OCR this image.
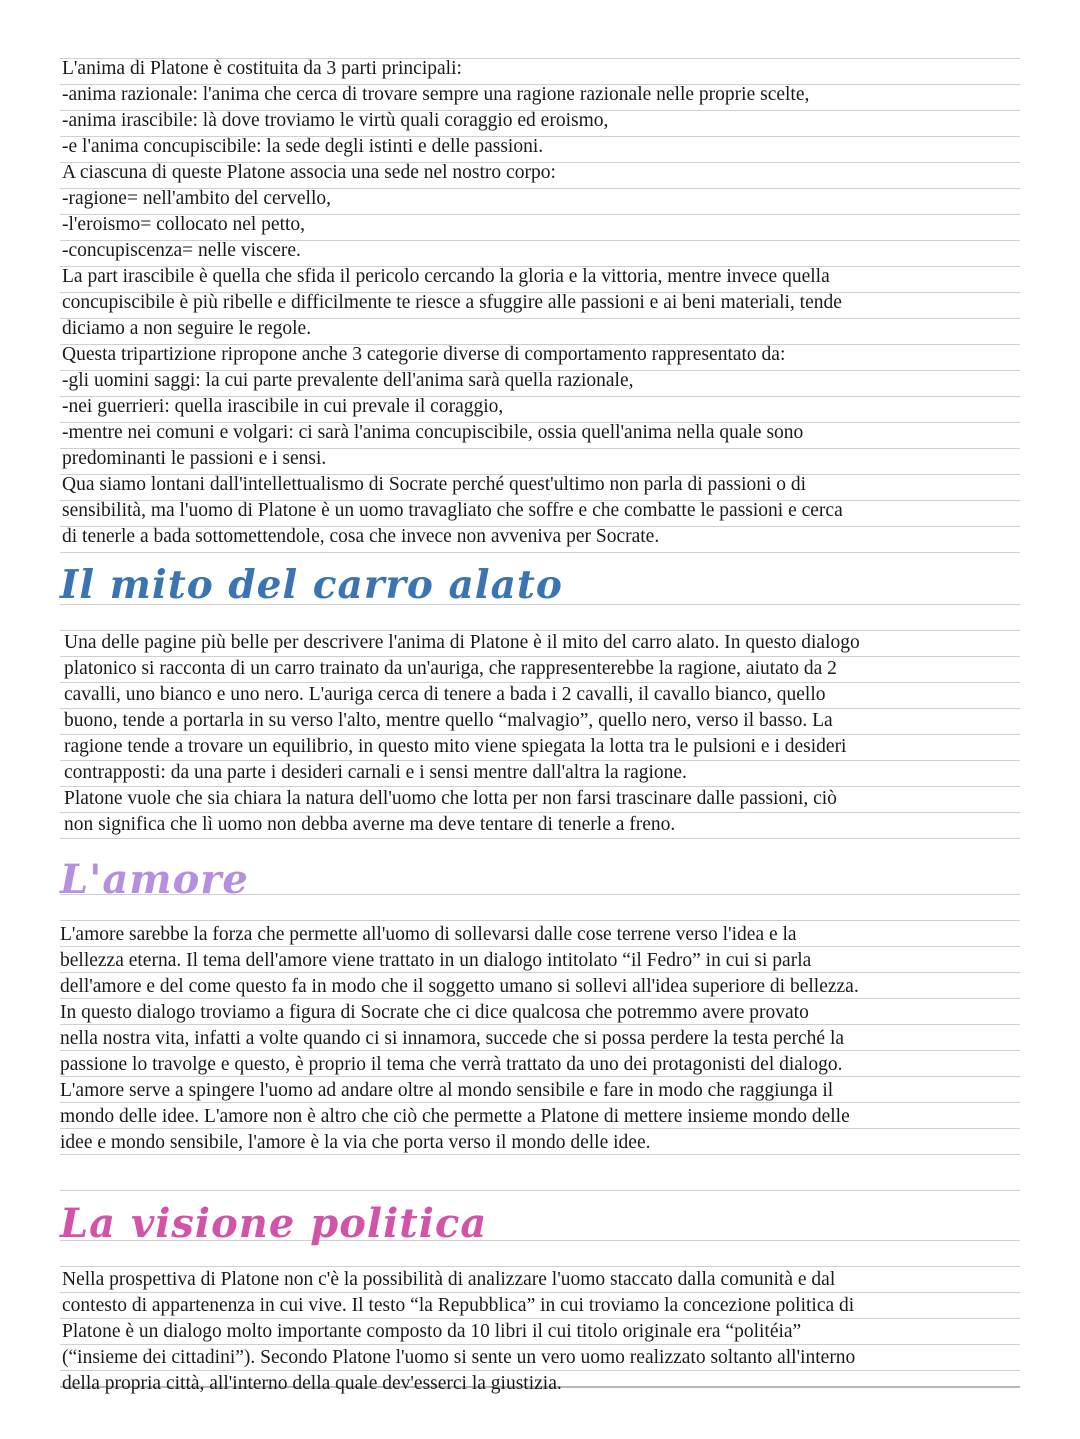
L'anima di Platone è costituita da 3 parti principali:
-anima razionale: l'anima che cerca di trovare sempre una ragione razionale nelle proprie scelte,
-anima irascibile: là dove troviamo le virtù quali coraggio ed eroismo,
-e l'anima concupiscibile: la sede degli istinti e delle passioni.
A ciascuna di queste Platone associa una sede nel nostro corpo:
-ragione= nell'ambito del cervello,
-l'eroismo= collocato nel petto,
-concupiscenza= nelle viscere.
La part irascibile è quella che sfida il pericolo cercando la gloria e la vittoria, mentre invece quella
concupiscibile è più ribelle e difficilmente te riesce a sfuggire alle passioni e ai beni materiali, tende
diciamo a non seguire le regole.
Questa tripartizione ripropone anche 3 categorie diverse di comportamento rappresentato da:
-gli uomini saggi: la cui parte prevalente dell'anima sarà quella razionale,
-nei guerrieri: quella irascibile in cui prevale il coraggio,
-mentre nei comuni e volgari: ci sarà l'anima concupiscibile, ossia quell'anima nella quale sono
predominanti le passioni e i sensi.
Qua siamo lontani dall'intellettualismo di Socrate perché quest'ultimo non parla di passioni o di
sensibilità, ma l'uomo di Platone è un uomo travagliato che soffre e che combatte le passioni e cerca
di tenerle a bada sottomettendole, cosa che invece non avveniva per Socrate.
Il mito del carro alato
Una delle pagine più belle per descrivere l'anima di Platone è il mito del carro alato. In questo dialogo
platonico si racconta di un carro trainato da un'auriga, che rappresenterebbe la ragione, aiutato da 2
cavalli, uno bianco e uno nero. L'auriga cerca di tenere a bada i 2 cavalli, il cavallo bianco, quello
buono, tende a portarla in su verso l'alto, mentre quello “malvagio”, quello nero, verso il basso. La
ragione tende a trovare un equilibrio, in questo mito viene spiegata la lotta tra le pulsioni e i desideri
contrapposti: da una parte i desideri carnali e i sensi mentre dall'altra la ragione.
Platone vuole che sia chiara la natura dell'uomo che lotta per non farsi trascinare dalle passioni, ciò
non significa che lì uomo non debba averne ma deve tentare di tenerle a freno.
L'amore
L'amore sarebbe la forza che permette all'uomo di sollevarsi dalle cose terrene verso l'idea e la
bellezza eterna. Il tema dell'amore viene trattato in un dialogo intitolato “il Fedro” in cui si parla
dell'amore e del come questo fa in modo che il soggetto umano si sollevi all'idea superiore di bellezza.
In questo dialogo troviamo a figura di Socrate che ci dice qualcosa che potremmo avere provato
nella nostra vita, infatti a volte quando ci si innamora, succede che si possa perdere la testa perché la
passione lo travolge e questo, è proprio il tema che verrà trattato da uno dei protagonisti del dialogo.
L'amore serve a spingere l'uomo ad andare oltre al mondo sensibile e fare in modo che raggiunga il
mondo delle idee. L'amore non è altro che ciò che permette a Platone di mettere insieme mondo delle
idee e mondo sensibile, l'amore è la via che porta verso il mondo delle idee.
La visione politica
Nella prospettiva di Platone non c'è la possibilità di analizzare l'uomo staccato dalla comunità e dal
contesto di appartenenza in cui vive. Il testo “la Repubblica” in cui troviamo la concezione politica di
Platone è un dialogo molto importante composto da 10 libri il cui titolo originale era “politéia”
(“insieme dei cittadini”). Secondo Platone l'uomo si sente un vero uomo realizzato soltanto all'interno
della propria città, all'interno della quale dev'esserci la giustizia.
